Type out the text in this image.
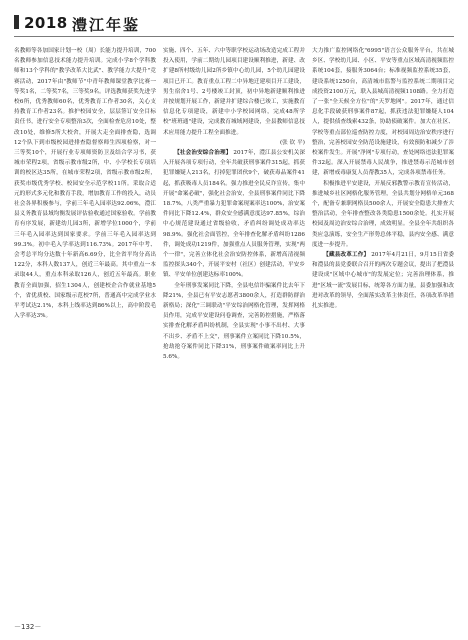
2018 澧江年鉴

名教师等各加国家计划一校（周）长能力提升培训，700名教师参加信息技术能力提升培训。完成小学8个学科教师和13个学科的"教学改革大比武"、教学能力大提升"竞赛活动，2017年由"教师节"中青年教师课堂教学比赛一等奖1名，二等奖7名，三等奖9名。评选教师获奖先进学校6所，优秀教师60名，优秀教育工作者30名，关心支持教育工作者23名。推护校园安全，层层签订安全目标责任书，进行安全专项整治3次，全面检查危房10处，整改10处，维修5所大校舍，开展大走全面排查隐，选调12个队下到市级校园进排查隐督察师生四项检察，对一三等奖10个，开展行业专项师资防卫及结合学习书，获城市荣程2项，省级示教市级2所，中、小学校长专项培训的校区达35所，在城市荣程2项，省级示教市级2所，获奖市级优秀学校、校园安全示范学校11所。采取合适元的形式多元化和教育手段，增加教育工作的投入，动员社会各界积极参与，学前三年毛入园率达92.06%，澧江县义务教育县域均衡发展评估验收通过国家验收。学前教育有序发展，新建幼儿园3所，新增学位1000个，学前三年毛入园率达到国家要求。学前三年毛入园率达到99.3%。初中毛入学率达到116.73%。2017年中考、会考总平均分达数十年新高6.69分，比全省平均分高出122分，本科人数137人，创近三年最高。其中重点一本录取44人，重点本科录取126人，创近五年最高。职业教育全面加强，招生1304人，创建校企合作就业基地5个，省优质校、国家级示范校7所，普通高中完成学业水平考试达2.1%，本科上线率达到86%以上，高中阶段毛入学率达3%。

实施、四个、五年、六中等职学校运动场改造完成工程并投入使用，学前二期幼儿园项目建设顺利推进，新建、改扩建8所村级幼儿园2所乡镇中心幼儿园，5个幼儿园建设项目已开工。教育重点工程二中异地迁建项目开工建设，男生宿舍1号、2号楼竣工封顶，初中异地新建顺利推进并按规划开展工作，新建并扩建综合楼已竣工，实施教育信息化专项建设，新建中小学校园网络，完成48所学校"班班通"建设，完成教育城域网建设，全县教师信息技术应用能力提升工程全面推进。

(张 钦 平)

【社会治安综合治理】 2017年，澧江县公安机关深入开展各项专项行动，全年共破获刑事案件315起，抓获犯罪嫌疑人213名，打掉犯罪团伙9个，破获毒品案件41起，抓获吸毒人员184名。强力推进全民反诈宣传，集中开展"命案必破"，强化社会治安，全县刑事案件同比下降18.7%，八类严重暴力犯罪命案现案率达100%，治安案件同比下降12.4%，群众安全感满意度达97.85%，综治中心规范建设通过省级验收，矛盾纠纷调处成功率达98.9%。强化社会面管控，全年排查化解矛盾纠纷1286件，调处成功1219件，加强重点人员服务管理，实现"两个一律"，完善立体化社会治安防控体系，新增高清视频监控探头340个，开展平安村（社区）创建活动，平安乡镇、平安单位创建达标率100%。

全年刑事发案同比下降，全县电信诈骗案件比去年下降21%，全县已有平安志愿者3800余人，打造群防群治新格局；深化"三调联动"平安综治网格化管理，发挥网格员作用，完成平安建设问卷调查，完善防控措施，严格落实排查化解矛盾纠纷机制，全县实现"小事不出村、大事不出乡、矛盾不上交"，刑事案件立案同比下降10.5%，抢劫抢夺案件同比下降31%，刑事案件破案率同比上升5.6%。

大力推广监控网络化"6995"语言公众服务平台，共在城乡区、学校幼儿园、小区、平安等重点区域高清视频监控系统104套，接服务3064台；标准视频监控系统35套，建设系统1250台，高清城市监警与监控系统二期项目完成投资2100万元，联入县城高清视频1108路。全力打造了一张"全天候全方位"的"天罗地网"。2017年，通过信息化手段破获刑事案件87起，抓获违法犯罪嫌疑人104人，提供侦查线索432条，协助侦破案件。加大在社区、学校等重点部位巡查防控力度，对校园周边治安秩序进行整治，完善校园安全防范设施建设，有效预防和减少了涉校案件发生。开展"净网"专项行动，查处网络违法犯罪案件32起。深入开展禁毒人民战争，推进禁毒示范城市创建，新增戒毒康复人员帮教35人，完成各项禁毒任务。

积极推进平安建设，开展反邪教警示教育宣传活动，推进城乡社区网格化服务管理，全县共划分网格单元368个，配备专兼职网格员500余人，开展安全隐患大排查大整治活动，全年排查整改各类隐患1500余处。扎实开展校园及周边治安综合治理，成效明显。全县全年共组织各类应急演练，安全生产形势总体平稳，县内安全感、满意度进一步提升。

【藏县改革工作】 2017年4月21日，9月15日省委和澧县的县党委联合召开的两次专题会议，提出了把澧县建设成"区域中心城市"的发展定位；完善治理体系，推进"区域一流"发展目标，统筹各方面力量，县委加强和改进对改革的领导，全面落实改革主体责任，各项改革举措扎实推进。

－132－
